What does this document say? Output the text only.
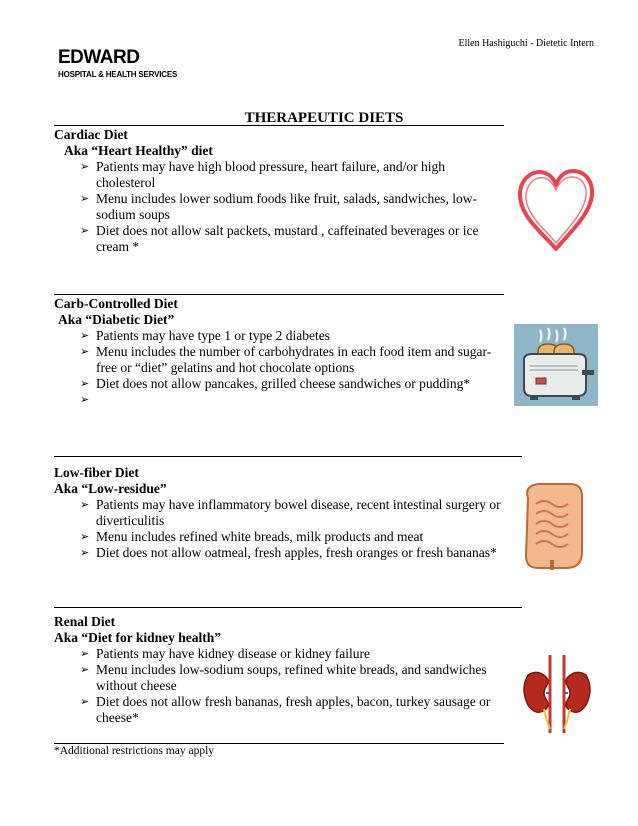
Ellen Hashiguchi - Dietetic Intern
EDWARD
HOSPITAL & HEALTH SERVICES
THERAPEUTIC DIETS
Cardiac Diet
Aka “Heart Healthy” diet
➢ Patients may have high blood pressure, heart failure, and/or high cholesterol
➢ Menu includes lower sodium foods like fruit, salads, sandwiches, low-sodium soups
➢ Diet does not allow salt packets, mustard , caffeinated beverages or ice cream *
Carb-Controlled Diet
Aka “Diabetic Diet”
➢ Patients may have type 1 or type 2 diabetes
➢ Menu includes the number of carbohydrates in each food item and sugar-free or “diet” gelatins and hot chocolate options
➢ Diet does not allow pancakes, grilled cheese sandwiches or pudding*
➢

Low-fiber Diet
Aka “Low-residue”
➢ Patients may have inflammatory bowel disease, recent intestinal surgery or diverticulitis
➢ Menu includes refined white breads, milk products and meat
➢ Diet does not allow oatmeal, fresh apples, fresh oranges or fresh bananas*
Renal Diet
Aka “Diet for kidney health”
➢ Patients may have kidney disease or kidney failure
➢ Menu includes low-sodium soups, refined white breads, and sandwiches without cheese
➢ Diet does not allow fresh bananas, fresh apples, bacon, turkey sausage or cheese*
*Additional restrictions may apply
